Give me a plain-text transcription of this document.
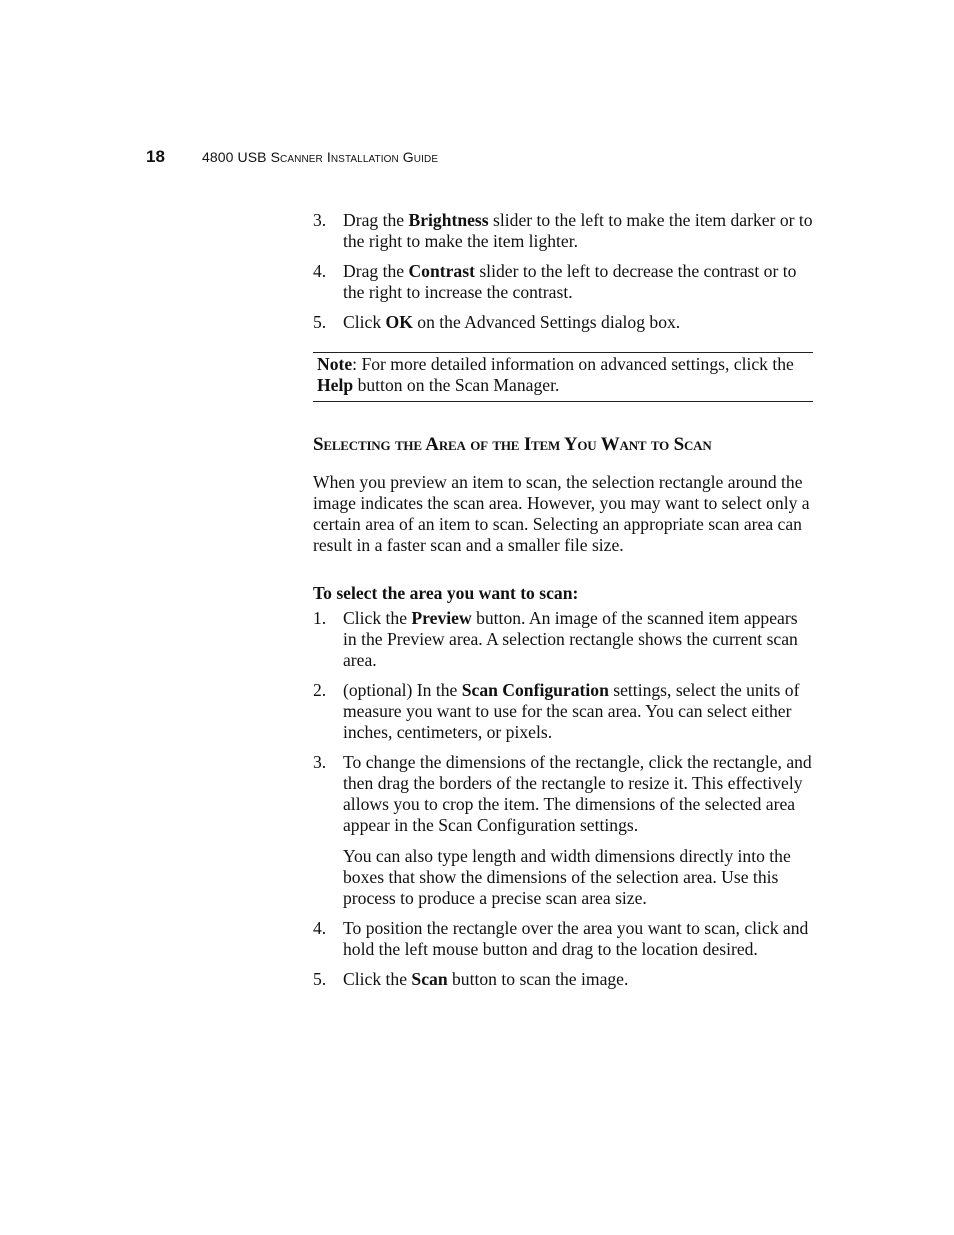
18	4800 USB Scanner Installation Guide
3. Drag the Brightness slider to the left to make the item darker or to the right to make the item lighter.

4. Drag the Contrast slider to the left to decrease the contrast or to the right to increase the contrast.

5. Click OK on the Advanced Settings dialog box.

Note: For more detailed information on advanced settings, click the Help button on the Scan Manager.

Selecting the Area of the Item You Want to Scan

When you preview an item to scan, the selection rectangle around the image indicates the scan area. However, you may want to select only a certain area of an item to scan. Selecting an appropriate scan area can result in a faster scan and a smaller file size.

To select the area you want to scan:

1. Click the Preview button. An image of the scanned item appears in the Preview area. A selection rectangle shows the current scan area.

2. (optional) In the Scan Configuration settings, select the units of measure you want to use for the scan area. You can select either inches, centimeters, or pixels.

3. To change the dimensions of the rectangle, click the rectangle, and then drag the borders of the rectangle to resize it. This effectively allows you to crop the item. The dimensions of the selected area appear in the Scan Configuration settings.

You can also type length and width dimensions directly into the boxes that show the dimensions of the selection area. Use this process to produce a precise scan area size.

4. To position the rectangle over the area you want to scan, click and hold the left mouse button and drag to the location desired.

5. Click the Scan button to scan the image.
